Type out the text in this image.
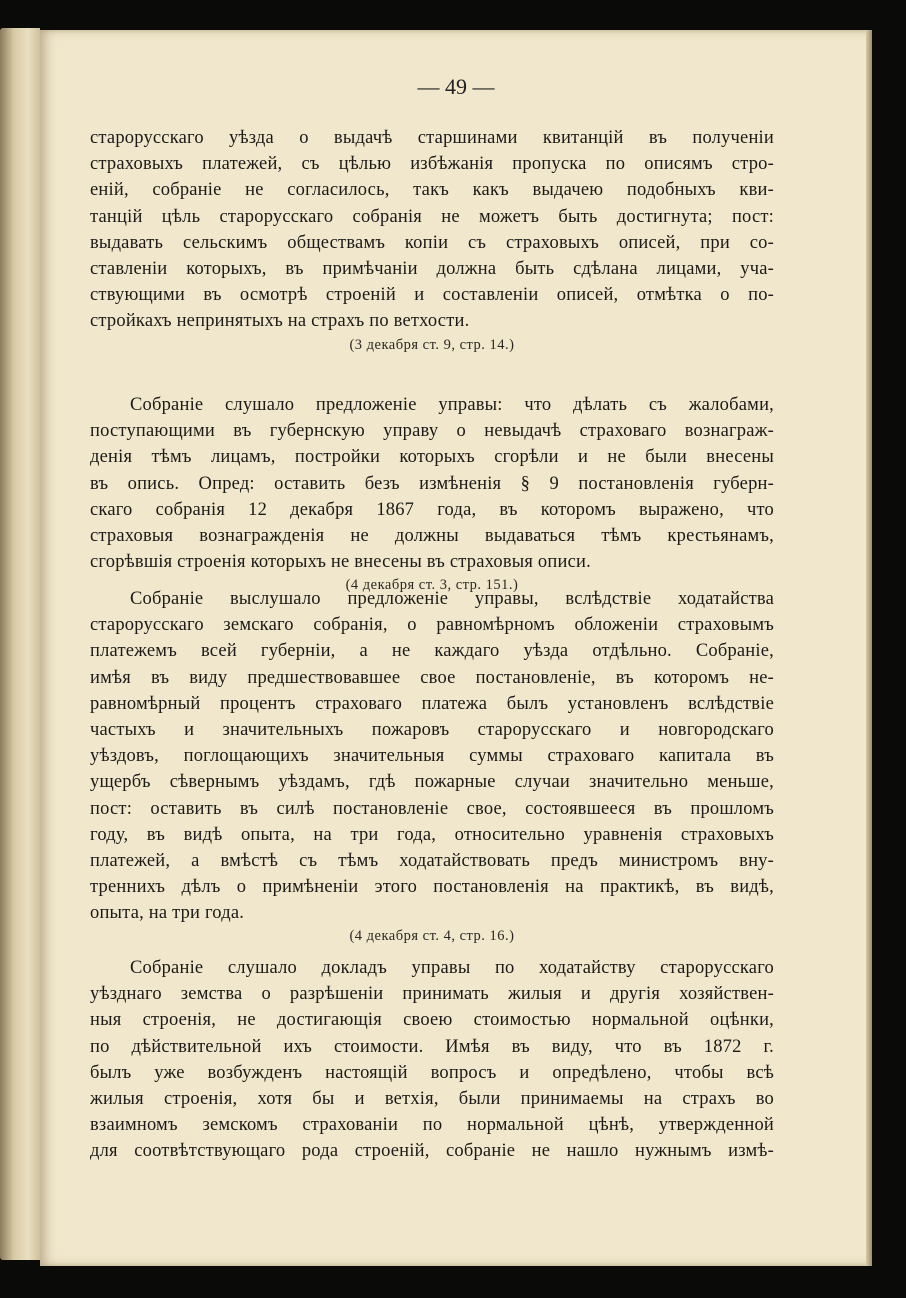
— 49 —
старорусскаго уѣзда о выдачѣ старшинами квитанцій въ полученіи
страховыхъ платежей, съ цѣлью избѣжанія пропуска по описямъ стро-
еній, собраніе не согласилось, такъ какъ выдачею подобныхъ кви-
танцій цѣль старорусскаго собранія не можетъ быть достигнута; пост:
выдавать сельскимъ обществамъ копіи съ страховыхъ описей, при со-
ставленіи которыхъ, въ примѣчаніи должна быть сдѣлана лицами, уча-
ствующими въ осмотрѣ строеній и составленіи описей, отмѣтка о по-
стройкахъ непринятыхъ на страхъ по ветхости.
(3 декабря ст. 9, стр. 14.)
Собраніе слушало предложеніе управы: что дѣлать съ жалобами,
поступающими въ губернскую управу о невыдачѣ страховаго вознаграж-
денія тѣмъ лицамъ, постройки которыхъ сгорѣли и не были внесены
въ опись. Опред: оставить безъ измѣненія § 9 постановленія губерн-
скаго собранія 12 декабря 1867 года, въ которомъ выражено, что
страховыя вознагражденія не должны выдаваться тѣмъ крестьянамъ,
сгорѣвшія строенія которыхъ не внесены въ страховыя описи.
(4 декабря ст. 3, стр. 151.)
Собраніе выслушало предложеніе управы, вслѣдствіе ходатайства
старорусскаго земскаго собранія, о равномѣрномъ обложеніи страховымъ
платежемъ всей губерніи, а не каждаго уѣзда отдѣльно. Собраніе,
имѣя въ виду предшествовавшее свое постановленіе, въ которомъ не-
равномѣрный процентъ страховаго платежа былъ установленъ вслѣдствіе
частыхъ и значительныхъ пожаровъ старорусскаго и новгородскаго
уѣздовъ, поглощающихъ значительныя суммы страховаго капитала въ
ущербъ сѣвернымъ уѣздамъ, гдѣ пожарные случаи значительно меньше,
пост: оставить въ силѣ постановленіе свое, состоявшееся въ прошломъ
году, въ видѣ опыта, на три года, относительно уравненія страховыхъ
платежей, а вмѣстѣ съ тѣмъ ходатайствовать предъ министромъ вну-
треннихъ дѣлъ о примѣненіи этого постановленія на практикѣ, въ видѣ,
опыта, на три года.
(4 декабря ст. 4, стр. 16.)
Собраніе слушало докладъ управы по ходатайству старорусскаго
уѣзднаго земства о разрѣшеніи принимать жилыя и другія хозяйствен-
ныя строенія, не достигающія своею стоимостью нормальной оцѣнки,
по дѣйствительной ихъ стоимости. Имѣя въ виду, что въ 1872 г.
былъ уже возбужденъ настоящій вопросъ и опредѣлено, чтобы всѣ
жилыя строенія, хотя бы и ветхія, были принимаемы на страхъ во
взаимномъ земскомъ страхованіи по нормальной цѣнѣ, утвержденной
для соотвѣтствующаго рода строеній, собраніе не нашло нужнымъ измѣ-
